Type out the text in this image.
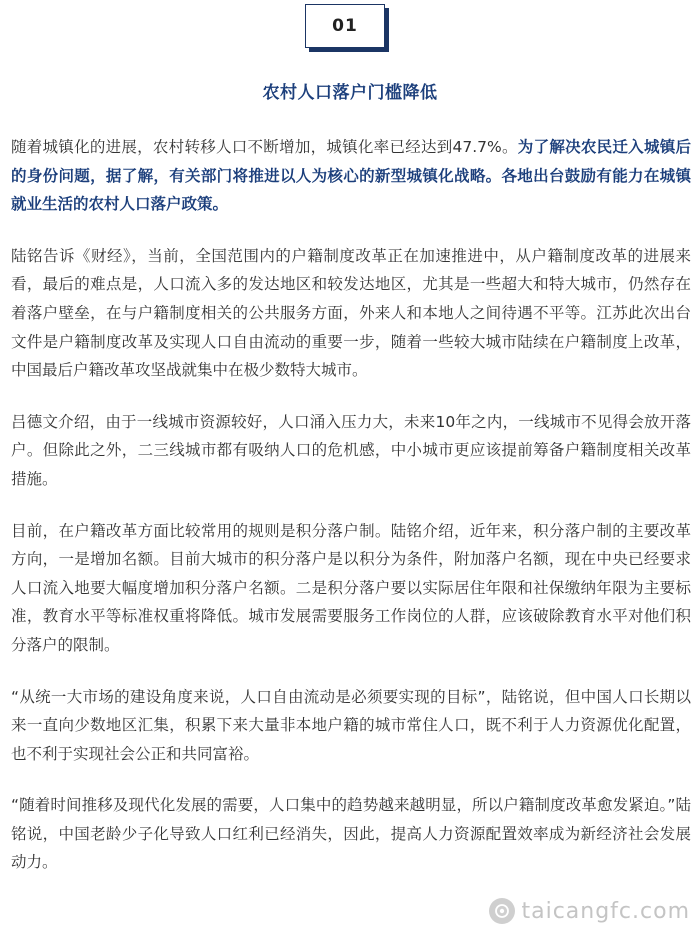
01
农村人口落户门槛降低

随着城镇化的进展，农村转移人口不断增加，城镇化率已经达到47.7%。为了解决农民迁入城镇后的身份问题，据了解，有关部门将推进以人为核心的新型城镇化战略。各地出台鼓励有能力在城镇就业生活的农村人口落户政策。

陆铭告诉《财经》，当前，全国范围内的户籍制度改革正在加速推进中，从户籍制度改革的进展来看，最后的难点是，人口流入多的发达地区和较发达地区，尤其是一些超大和特大城市，仍然存在着落户壁垒，在与户籍制度相关的公共服务方面，外来人和本地人之间待遇不平等。江苏此次出台文件是户籍制度改革及实现人口自由流动的重要一步，随着一些较大城市陆续在户籍制度上改革，中国最后户籍改革攻坚战就集中在极少数特大城市。

吕德文介绍，由于一线城市资源较好，人口涌入压力大，未来10年之内，一线城市不见得会放开落户。但除此之外，二三线城市都有吸纳人口的危机感，中小城市更应该提前筹备户籍制度相关改革措施。

目前，在户籍改革方面比较常用的规则是积分落户制。陆铭介绍，近年来，积分落户制的主要改革方向，一是增加名额。目前大城市的积分落户是以积分为条件，附加落户名额，现在中央已经要求人口流入地要大幅度增加积分落户名额。二是积分落户要以实际居住年限和社保缴纳年限为主要标准，教育水平等标准权重将降低。城市发展需要服务工作岗位的人群，应该破除教育水平对他们积分落户的限制。

“从统一大市场的建设角度来说，人口自由流动是必须要实现的目标”，陆铭说，但中国人口长期以来一直向少数地区汇集，积累下来大量非本地户籍的城市常住人口，既不利于人力资源优化配置，也不利于实现社会公正和共同富裕。

“随着时间推移及现代化发展的需要，人口集中的趋势越来越明显，所以户籍制度改革愈发紧迫。”陆铭说，中国老龄少子化导致人口红利已经消失，因此，提高人力资源配置效率成为新经济社会发展动力。

taicangfc.com
